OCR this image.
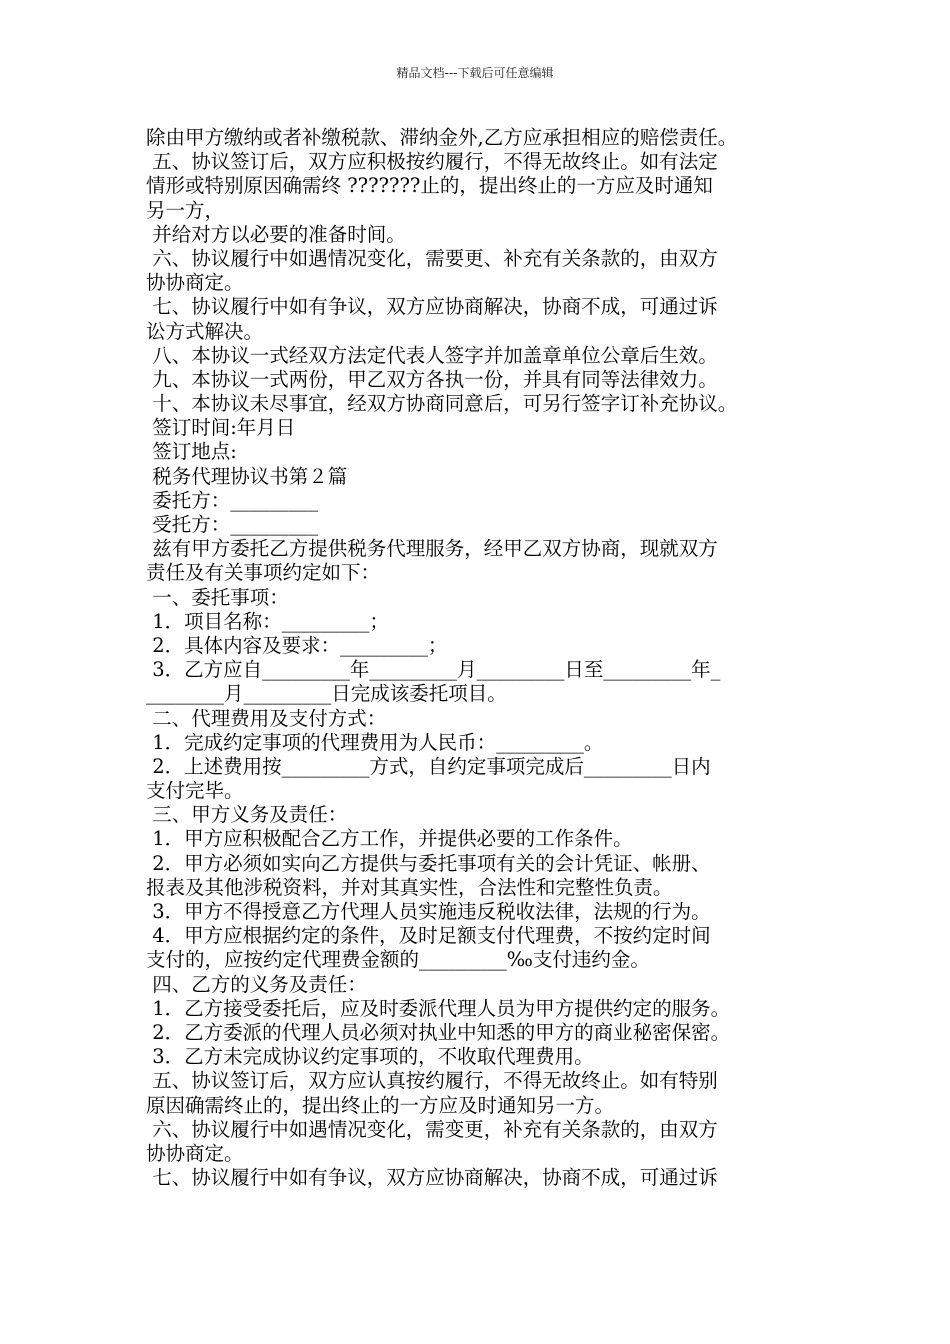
精品文档---下载后可任意编辑
除由甲方缴纳或者补缴税款、滞纳金外,乙方应承担相应的赔偿责任。
五、协议签订后，双方应积极按约履行，不得无故终止。如有法定
情形或特别原因确需终 ???????止的，提出终止的一方应及时通知
另一方，
并给对方以必要的准备时间。
六、协议履行中如遇情况变化，需要更、补充有关条款的，由双方
协协商定。
七、协议履行中如有争议，双方应协商解决，协商不成，可通过诉
讼方式解决。
八、本协议一式经双方法定代表人签字并加盖章单位公章后生效。
九、本协议一式两份，甲乙双方各执一份，并具有同等法律效力。
十、本协议未尽事宜，经双方协商同意后，可另行签字订补充协议。
签订时间:年月日
签订地点:
税务代理协议书第２篇
委托方：_________
受托方：_________
兹有甲方委托乙方提供税务代理服务，经甲乙双方协商，现就双方
责任及有关事项约定如下：
一、委托事项：
1．项目名称：_________；
2．具体内容及要求：_________；
3．乙方应自_________年_________月_________日至_________年_
________月_________日完成该委托项目。
二、代理费用及支付方式：
1．完成约定事项的代理费用为人民币：_________。
2．上述费用按_________方式，自约定事项完成后_________日内
支付完毕。
三、甲方义务及责任：
1．甲方应积极配合乙方工作，并提供必要的工作条件。
2．甲方必须如实向乙方提供与委托事项有关的会计凭证、帐册、
报表及其他涉税资料，并对其真实性，合法性和完整性负责。
3．甲方不得授意乙方代理人员实施违反税收法律，法规的行为。
4．甲方应根据约定的条件，及时足额支付代理费，不按约定时间
支付的，应按约定代理费金额的_________‰支付违约金。
四、乙方的义务及责任：
1．乙方接受委托后，应及时委派代理人员为甲方提供约定的服务。
2．乙方委派的代理人员必须对执业中知悉的甲方的商业秘密保密。
3．乙方未完成协议约定事项的，不收取代理费用。
五、协议签订后，双方应认真按约履行，不得无故终止。如有特别
原因确需终止的，提出终止的一方应及时通知另一方。
六、协议履行中如遇情况变化，需变更，补充有关条款的，由双方
协协商定。
七、协议履行中如有争议，双方应协商解决，协商不成，可通过诉
